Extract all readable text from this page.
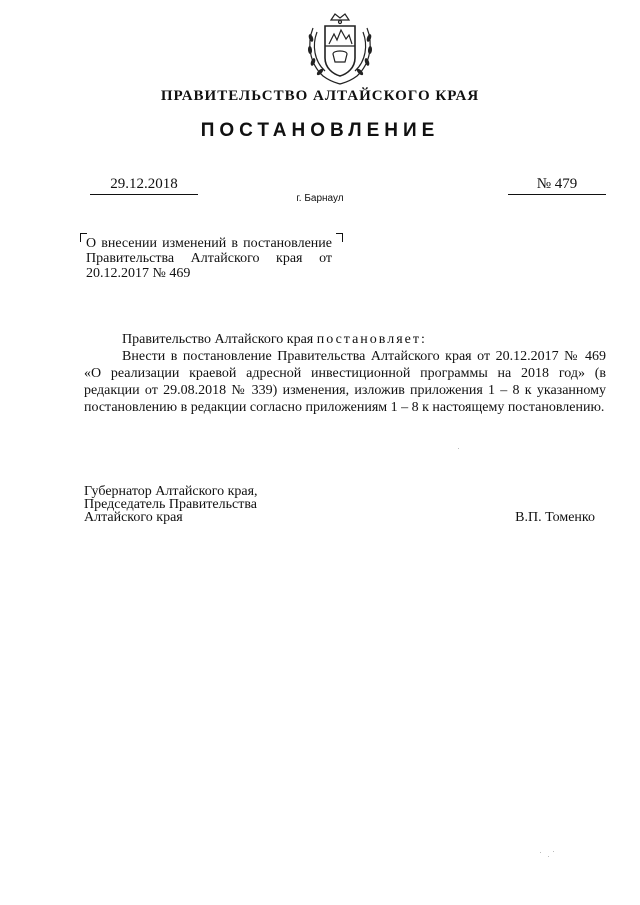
ПРАВИТЕЛЬСТВО АЛТАЙСКОГО КРАЯ
ПОСТАНОВЛЕНИЕ
29.12.2018	№ 479
г. Барнаул
О внесении изменений в постановление Правительства Алтайского края от 20.12.2017 № 469

Правительство Алтайского края постановляет:

Внести в постановление Правительства Алтайского края от 20.12.2017 № 469 «О реализации краевой адресной инвестиционной программы на 2018 год» (в редакции от 29.08.2018 № 339) изменения, изложив приложения 1 – 8 к указанному постановлению в редакции согласно приложениям 1 – 8 к настоящему постановлению.

Губернатор Алтайского края,
Председатель Правительства
Алтайского края	В.П. Томенко
